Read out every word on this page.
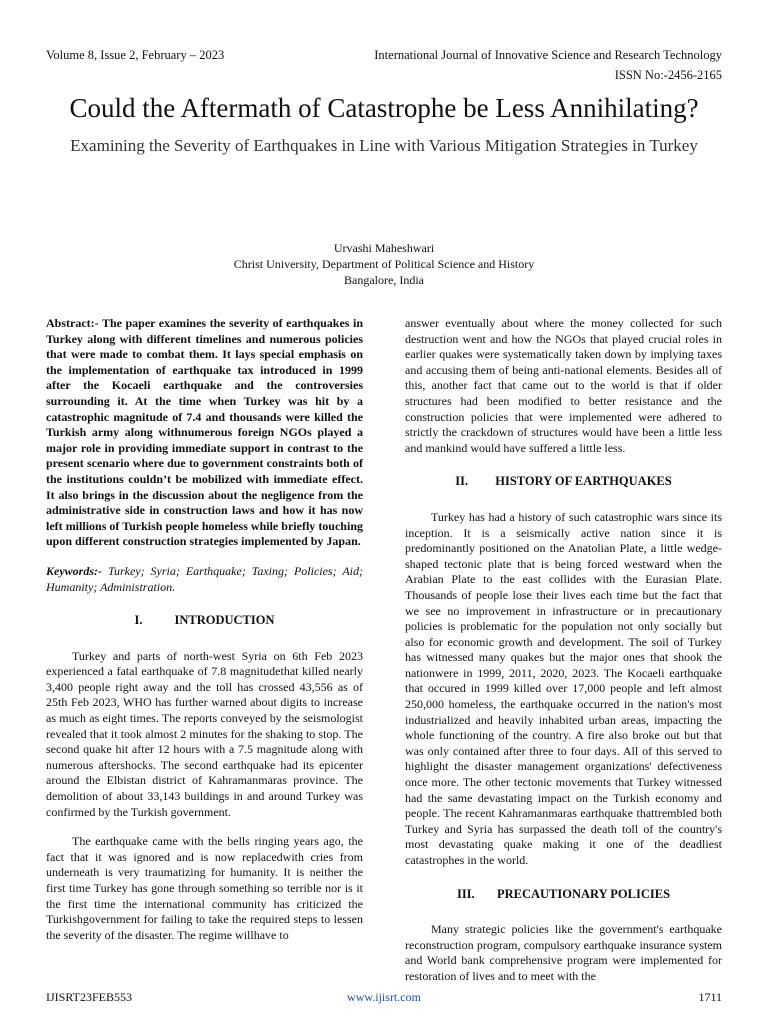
Volume 8, Issue 2, February – 2023	International Journal of Innovative Science and Research Technology
ISSN No:-2456-2165
Could the Aftermath of Catastrophe be Less Annihilating?

Examining the Severity of Earthquakes in Line with Various Mitigation Strategies in Turkey

Urvashi Maheshwari
Christ University, Department of Political Science and History
Bangalore, India

Abstract:- The paper examines the severity of earthquakes in Turkey along with different timelines and numerous policies that were made to combat them. It lays special emphasis on the implementation of earthquake tax introduced in 1999 after the Kocaeli earthquake and the controversies surrounding it. At the time when Turkey was hit by a catastrophic magnitude of 7.4 and thousands were killed the Turkish army along withnumerous foreign NGOs played a major role in providing immediate support in contrast to the present scenario where due to government constraints both of the institutions couldn’t be mobilized with immediate effect. It also brings in the discussion about the negligence from the administrative side in construction laws and how it has now left millions of Turkish people homeless while briefly touching upon different construction strategies implemented by Japan.

Keywords:- Turkey; Syria; Earthquake; Taxing; Policies; Aid; Humanity; Administration.

I.	INTRODUCTION

Turkey and parts of north-west Syria on 6th Feb 2023 experienced a fatal earthquake of 7.8 magnitudethat killed nearly 3,400 people right away and the toll has crossed 43,556 as of 25th Feb 2023, WHO has further warned about digits to increase as much as eight times. The reports conveyed by the seismologist revealed that it took almost 2 minutes for the shaking to stop. The second quake hit after 12 hours with a 7.5 magnitude along with numerous aftershocks. The second earthquake had its epicenter around the Elbistan district of Kahramanmaras province. The demolition of about 33,143 buildings in and around Turkey was confirmed by the Turkish government.

The earthquake came with the bells ringing years ago, the fact that it was ignored and is now replacedwith cries from underneath is very traumatizing for humanity. It is neither the first time Turkey has gone through something so terrible nor is it the first time the international community has criticized the Turkishgovernment for failing to take the required steps to lessen the severity of the disaster. The regime willhave to

answer eventually about where the money collected for such destruction went and how the NGOs that played crucial roles in earlier quakes were systematically taken down by implying taxes and accusing them of being anti-national elements. Besides all of this, another fact that came out to the world is that if older structures had been modified to better resistance and the construction policies that were implemented were adhered to strictly the crackdown of structures would have been a little less and mankind would have suffered a little less.

II. HISTORY OF EARTHQUAKES

Turkey has had a history of such catastrophic wars since its inception. It is a seismically active nation since it is predominantly positioned on the Anatolian Plate, a little wedge-shaped tectonic plate that is being forced westward when the Arabian Plate to the east collides with the Eurasian Plate. Thousands of people lose their lives each time but the fact that we see no improvement in infrastructure or in precautionary policies is problematic for the population not only socially but also for economic growth and development. The soil of Turkey has witnessed many quakes but the major ones that shook the nationwere in 1999, 2011, 2020, 2023. The Kocaeli earthquake that occured in 1999 killed over 17,000 people and left almost 250,000 homeless, the earthquake occurred in the nation's most industrialized and heavily inhabited urban areas, impacting the whole functioning of the country. A fire also broke out but that was only contained after three to four days. All of this served to highlight the disaster management organizations' defectiveness once more. The other tectonic movements that Turkey witnessed had the same devastating impact on the Turkish economy and people. The recent Kahramanmaras earthquake thattrembled both Turkey and Syria has surpassed the death toll of the country's most devastating quake making it one of the deadliest catastrophes in the world.

III. PRECAUTIONARY POLICIES

Many strategic policies like the government's earthquake reconstruction program, compulsory earthquake insurance system and World bank comprehensive program were implemented for restoration of lives and to meet with the

IJISRT23FEB553	www.ijisrt.com	1711
